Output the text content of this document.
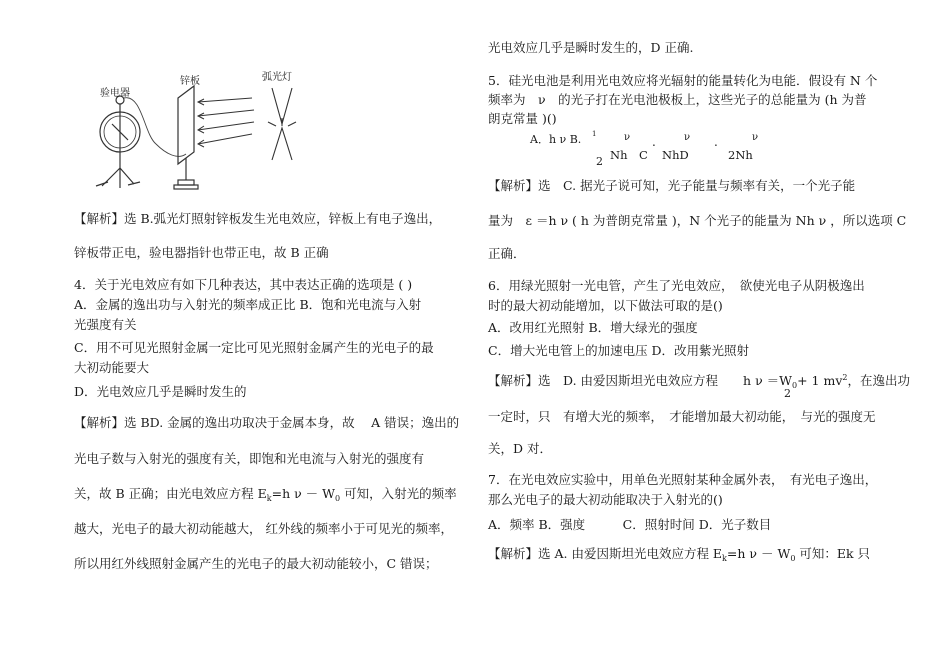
验电器
锌板	弧光灯
【解析】选 B.弧光灯照射锌板发生光电效应，锌板上有电子逸出，
锌板带正电，验电器指针也带正电，故 B 正确
4．关于光电效应有如下几种表达，其中表达正确的选项是 ( )
A．金属的逸出功与入射光的频率成正比 B．饱和光电流与入射
光强度有关
C．用不可见光照射金属一定比可见光照射金属产生的光电子的最
大初动能要大
D．光电效应几乎是瞬时发生的
【解析】选 BD. 金属的逸出功取决于金属本身，故　 A 错误；逸出的
光电子数与入射光的强度有关，即饱和光电流与入射光的强度有
关，故 B 正确；由光电效应方程 $E_k=h$ $\nu - W_0$ 可知，入射光的频率
越大，光电子的最大初动能越大， 红外线的频率小于可见光的频率，
所以用红外线照射金属产生的光电子的最大初动能较小，C 错误；
光电效应几乎是瞬时发生的，D 正确.
5．硅光电池是利用光电效应将光辐射的能量转化为电能．假设有 N 个
频率为　ν　的光子打在光电池极板上，这些光子的总能量为 (h 为普
朗克常量 )()
A．h ν B. 1	ν .	ν .	ν
2 Nh　C NhD	2Nh
【解析】选　C. 据光子说可知，光子能量与频率有关，一个光子能
量为　ε ＝h ν ( h 为普朗克常量 )，N 个光子的能量为 Nh ν ，所以选项 C
正确．
6．用绿光照射一光电管，产生了光电效应，　欲使光电子从阴极逸出
时的最大初动能增加，以下做法可取的是()
A．改用红光照射 B．增大绿光的强度
C．增大光电管上的加速电压 D．改用紫光照射
【解析】选　D. 由爱因斯坦光电效应方程　　 h $\nu =W_0+ 1$ $mv^2$，在逸出功
2
一定时，只　有增大光的频率，　才能增加最大初动能，　与光的强度无
关，D 对．
7．在光电效应实验中，用单色光照射某种金属外表，　有光电子逸出，
那么光电子的最大初动能取决于入射光的()
A．频率 B．强度　　　C．照射时间 D．光子数目
【解析】选 A. 由爱因斯坦光电效应方程 $E_k=h$ $\nu - W_0$ 可知：Ek 只
